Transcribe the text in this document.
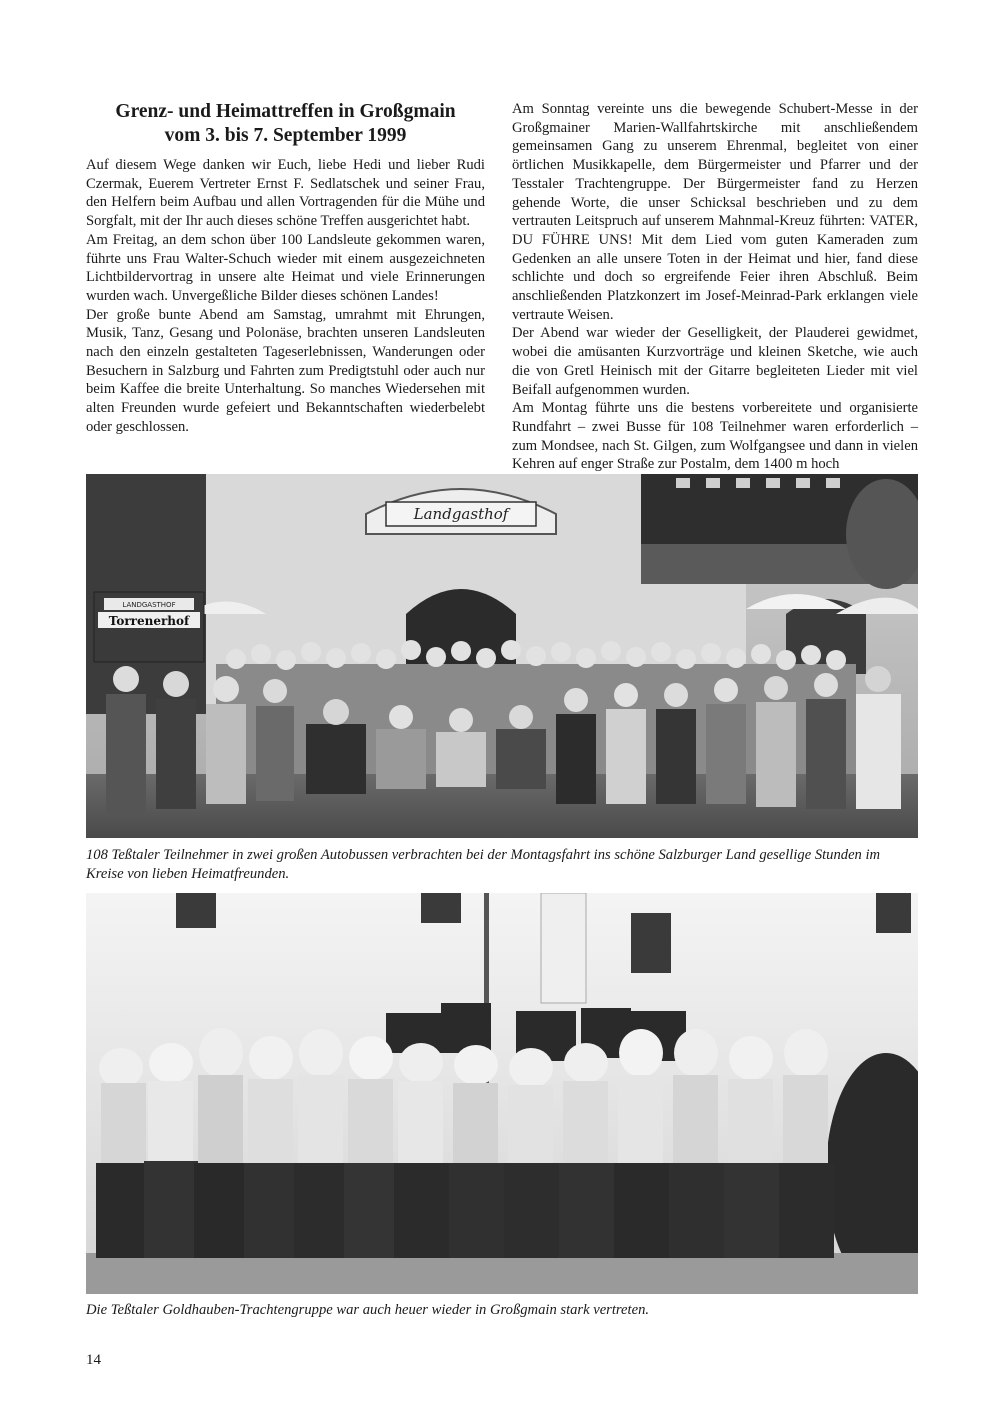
Grenz- und Heimattreffen in Großgmain
vom 3. bis 7. September 1999

Auf diesem Wege danken wir Euch, liebe Hedi und lieber Rudi Czermak, Euerem Vertreter Ernst F. Sedlatschek und seiner Frau, den Helfern beim Aufbau und allen Vortragenden für die Mühe und Sorgfalt, mit der Ihr auch dieses schöne Treffen ausgerichtet habt.

Am Freitag, an dem schon über 100 Landsleute gekommen waren, führte uns Frau Walter-Schuch wieder mit einem ausgezeichneten Lichtbildervortrag in unsere alte Heimat und viele Erinnerungen wurden wach. Unvergeßliche Bilder dieses schönen Landes!

Der große bunte Abend am Samstag, umrahmt mit Ehrungen, Musik, Tanz, Gesang und Polonäse, brachten unseren Landsleuten nach den einzeln gestalteten Tageserlebnissen, Wanderungen oder Besuchern in Salzburg und Fahrten zum Predigtstuhl oder auch nur beim Kaffee die breite Unterhaltung. So manches Wiedersehen mit alten Freunden wurde gefeiert und Bekanntschaften wiederbelebt oder geschlossen.

Am Sonntag vereinte uns die bewegende Schubert-Messe in der Großgmainer Marien-Wallfahrtskirche mit anschließendem gemeinsamen Gang zu unserem Ehrenmal, begleitet von einer örtlichen Musikkapelle, dem Bürgermeister und Pfarrer und der Tesstaler Trachtengruppe. Der Bürgermeister fand zu Herzen gehende Worte, die unser Schicksal beschrieben und zu dem vertrauten Leitspruch auf unserem Mahnmal-Kreuz führten: VATER, DU FÜHRE UNS! Mit dem Lied vom guten Kameraden zum Gedenken an alle unsere Toten in der Heimat und hier, fand diese schlichte und doch so ergreifende Feier ihren Abschluß. Beim anschließenden Platzkonzert im Josef-Meinrad-Park erklangen viele vertraute Weisen.

Der Abend war wieder der Geselligkeit, der Plauderei gewidmet, wobei die amüsanten Kurzvorträge und kleinen Sketche, wie auch die von Gretl Heinisch mit der Gitarre begleiteten Lieder mit viel Beifall aufgenommen wurden.

Am Montag führte uns die bestens vorbereitete und organisierte Rundfahrt – zwei Busse für 108 Teilnehmer waren erforderlich – zum Mondsee, nach St. Gilgen, zum Wolfgangsee und dann in vielen Kehren auf enger Straße zur Postalm, dem 1400 m hoch

Landgasthof
LANDGASTHOF
Torrenerhof
108 Teßtaler Teilnehmer in zwei großen Autobussen verbrachten bei der Montagsfahrt ins schöne Salzburger Land gesellige Stunden im Kreise von lieben Heimatfreunden.
Die Teßtaler Goldhauben-Trachtengruppe war auch heuer wieder in Großgmain stark vertreten.
14
